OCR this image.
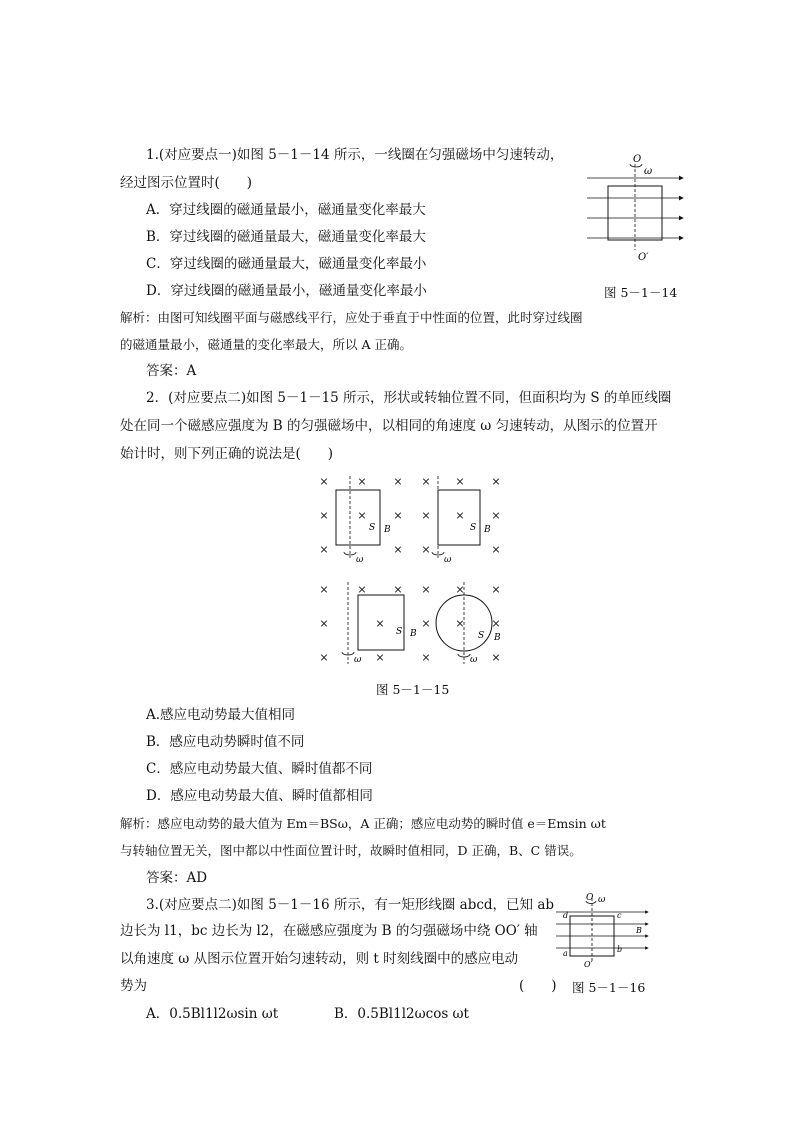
1.(对应要点一)如图 5－1－14 所示，一线圈在匀强磁场中匀速转动，
经过图示位置时(　　)
A．穿过线圈的磁通量最小，磁通量变化率最大
B．穿过线圈的磁通量最大，磁通量变化率最大
C．穿过线圈的磁通量最大，磁通量变化率最小
D．穿过线圈的磁通量最小，磁通量变化率最小	图 5－1－14
O
ω
O′
解析：由图可知线圈平面与磁感线平行，应处于垂直于中性面的位置，此时穿过线圈
的磁通量最小，磁通量的变化率最大，所以 A 正确。
答案：A
2．(对应要点二)如图 5－1－15 所示，形状或转轴位置不同，但面积均为 S 的单匝线圈
处在同一个磁感应强度为 B 的匀强磁场中，以相同的角速度 ω 匀速转动，从图示的位置开
始计时，则下列正确的说法是(　　)
×	× ×
×	× ×
×	×
× × ×
× × ×
×	×
×	× ×
×	×
×	×
× × ×
× × ×
×	×
ω
S B
ω
S B
ω
S B
ω
S B
图 5－1－15
A.感应电动势最大值相同
B．感应电动势瞬时值不同
C．感应电动势最大值、瞬时值都不同
D．感应电动势最大值、瞬时值都相同
解析：感应电动势的最大值为 Em＝BSω，A 正确；感应电动势的瞬时值 e＝Emsin ωt
与转轴位置无关，图中都以中性面位置计时，故瞬时值相同，D 正确，B、C 错误。
答案：AD
3.(对应要点二)如图 5－1－16 所示，有一矩形线圈 abcd，已知 ab
边长为 l1，bc 边长为 l2，在磁感应强度为 B 的匀强磁场中绕 OO′ 轴
以角速度 ω 从图示位置开始匀速转动，则 t 时刻线圈中的感应电动
势为	(　　) 图 5－1－16
O ω
d	c
a	b
B
O′
A．0.5Bl1l2ωsin ωt	B．0.5Bl1l2ωcos ωt
